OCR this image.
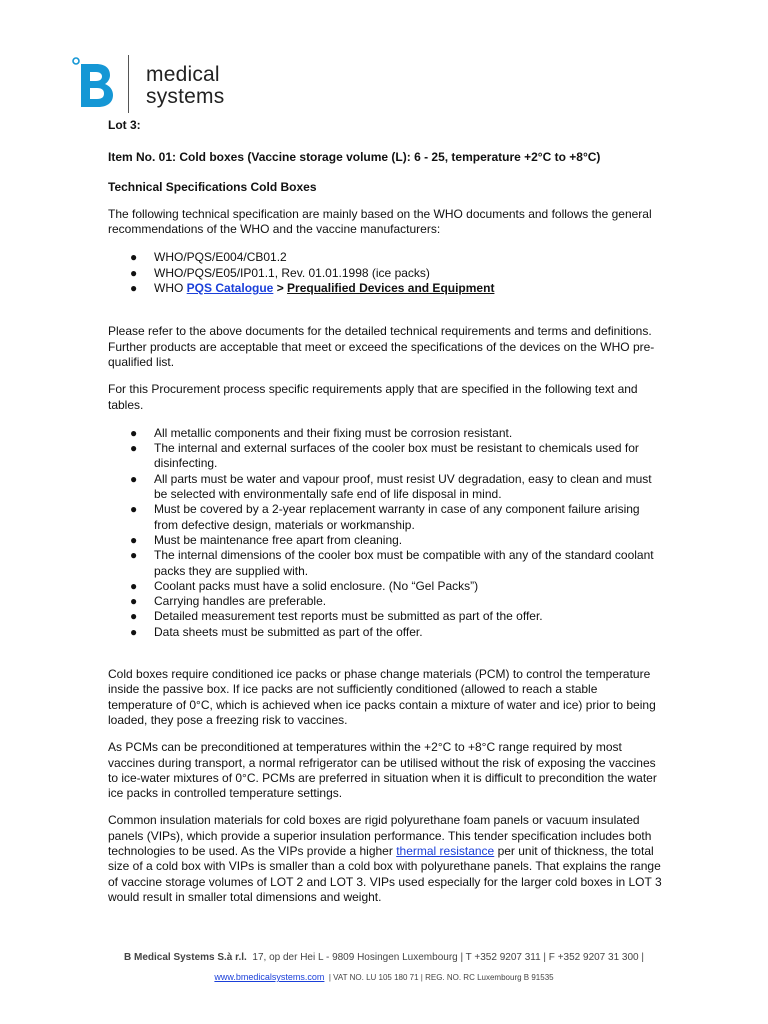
medical
systems

Lot 3:

Item No. 01: Cold boxes (Vaccine storage volume (L): 6 - 25, temperature +2°C to +8°C)

Technical Specifications Cold Boxes

The following technical specification are mainly based on the WHO documents and follows the general recommendations of the WHO and the vaccine manufacturers:

● WHO/PQS/E004/CB01.2
● WHO/PQS/E05/IP01.1, Rev. 01.01.1998 (ice packs)
● WHO PQS Catalogue > Prequalified Devices and Equipment

Please refer to the above documents for the detailed technical requirements and terms and definitions. Further products are acceptable that meet or exceed the specifications of the devices on the WHO pre-qualified list.

For this Procurement process specific requirements apply that are specified in the following text and tables.

● All metallic components and their fixing must be corrosion resistant.
● The internal and external surfaces of the cooler box must be resistant to chemicals used for disinfecting.
● All parts must be water and vapour proof, must resist UV degradation, easy to clean and must be selected with environmentally safe end of life disposal in mind.
● Must be covered by a 2-year replacement warranty in case of any component failure arising from defective design, materials or workmanship.
● Must be maintenance free apart from cleaning.
● The internal dimensions of the cooler box must be compatible with any of the standard coolant packs they are supplied with.
● Coolant packs must have a solid enclosure. (No “Gel Packs”)
● Carrying handles are preferable.
● Detailed measurement test reports must be submitted as part of the offer.
● Data sheets must be submitted as part of the offer.

Cold boxes require conditioned ice packs or phase change materials (PCM) to control the temperature inside the passive box. If ice packs are not sufficiently conditioned (allowed to reach a stable temperature of 0°C, which is achieved when ice packs contain a mixture of water and ice) prior to being loaded, they pose a freezing risk to vaccines.

As PCMs can be preconditioned at temperatures within the +2°C to +8°C range required by most vaccines during transport, a normal refrigerator can be utilised without the risk of exposing the vaccines to ice-water mixtures of 0°C. PCMs are preferred in situation when it is difficult to precondition the water ice packs in controlled temperature settings.

Common insulation materials for cold boxes are rigid polyurethane foam panels or vacuum insulated panels (VIPs), which provide a superior insulation performance. This tender specification includes both technologies to be used. As the VIPs provide a higher thermal resistance per unit of thickness, the total size of a cold box with VIPs is smaller than a cold box with polyurethane panels. That explains the range of vaccine storage volumes of LOT 2 and LOT 3. VIPs used especially for the larger cold boxes in LOT 3 would result in smaller total dimensions and weight.

B Medical Systems S.à r.l. 17, op der Hei L - 9809 Hosingen Luxembourg | T +352 9207 311 | F +352 9207 31 300 |
www.bmedicalsystems.com | VAT NO. LU 105 180 71 | REG. NO. RC Luxembourg B 91535
